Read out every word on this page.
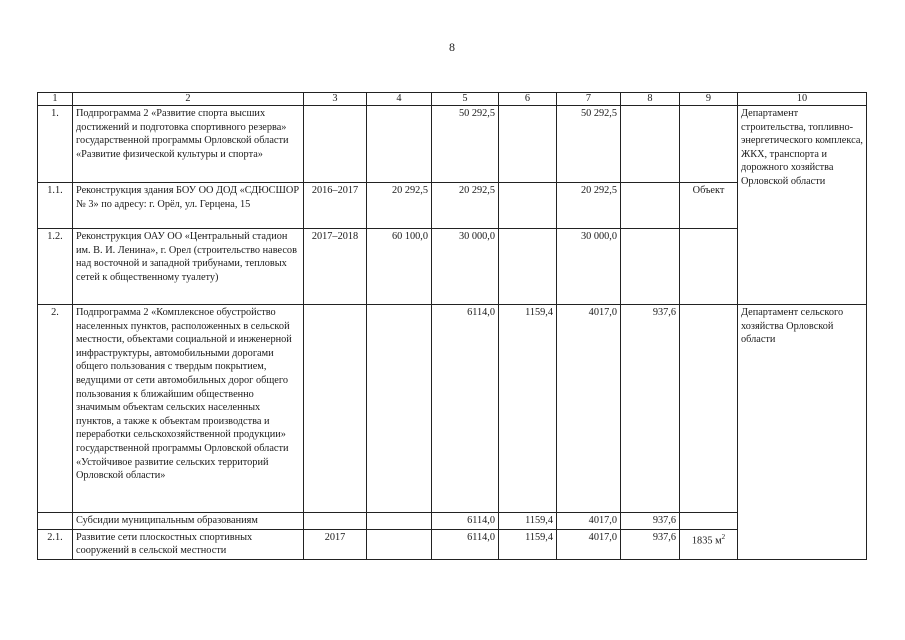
8
1	2	3	4	5	6	7	8	9	10
1.	Подпрограмма 2 «Развитие спорта высших достижений и подготовка спортивного резерва» государственной программы Орловской области «Развитие физической культуры и спорта»			50 292,5		50 292,5			Департамент строительства, топливно-энергетического комплекса, ЖКХ, транспорта и дорожного хозяйства Орловской области
1.1.	Реконструкция здания БОУ ОО ДОД «СДЮСШОР № 3» по адресу: г. Орёл, ул. Герцена, 15	2016–2017	20 292,5	20 292,5		20 292,5		Объект	
1.2.	Реконструкция ОАУ ОО «Центральный стадион им. В. И. Ленина», г. Орел (строительство навесов над восточной и западной трибунами, тепловых сетей к общественному туалету)	2017–2018	60 100,0	30 000,0		30 000,0			
2.	Подпрограмма 2 «Комплексное обустройство населенных пунктов, расположенных в сельской местности, объектами социальной и инженерной инфраструктуры, автомобильными дорогами общего пользования с твердым покрытием, ведущими от сети автомобильных дорог общего пользования к ближайшим общественно значимым объектам сельских населенных пунктов, а также к объектам производства и переработки сельскохозяйственной продукции» государственной программы Орловской области «Устойчивое развитие сельских территорий Орловской области»			6114,0	1159,4	4017,0	937,6		Департамент сельского хозяйства Орловской области
	Субсидии муниципальным образованиям			6114,0	1159,4	4017,0	937,6		
2.1.	Развитие сети плоскостных спортивных сооружений в сельской местности	2017		6114,0	1159,4	4017,0	937,6	1835 $м^2$
